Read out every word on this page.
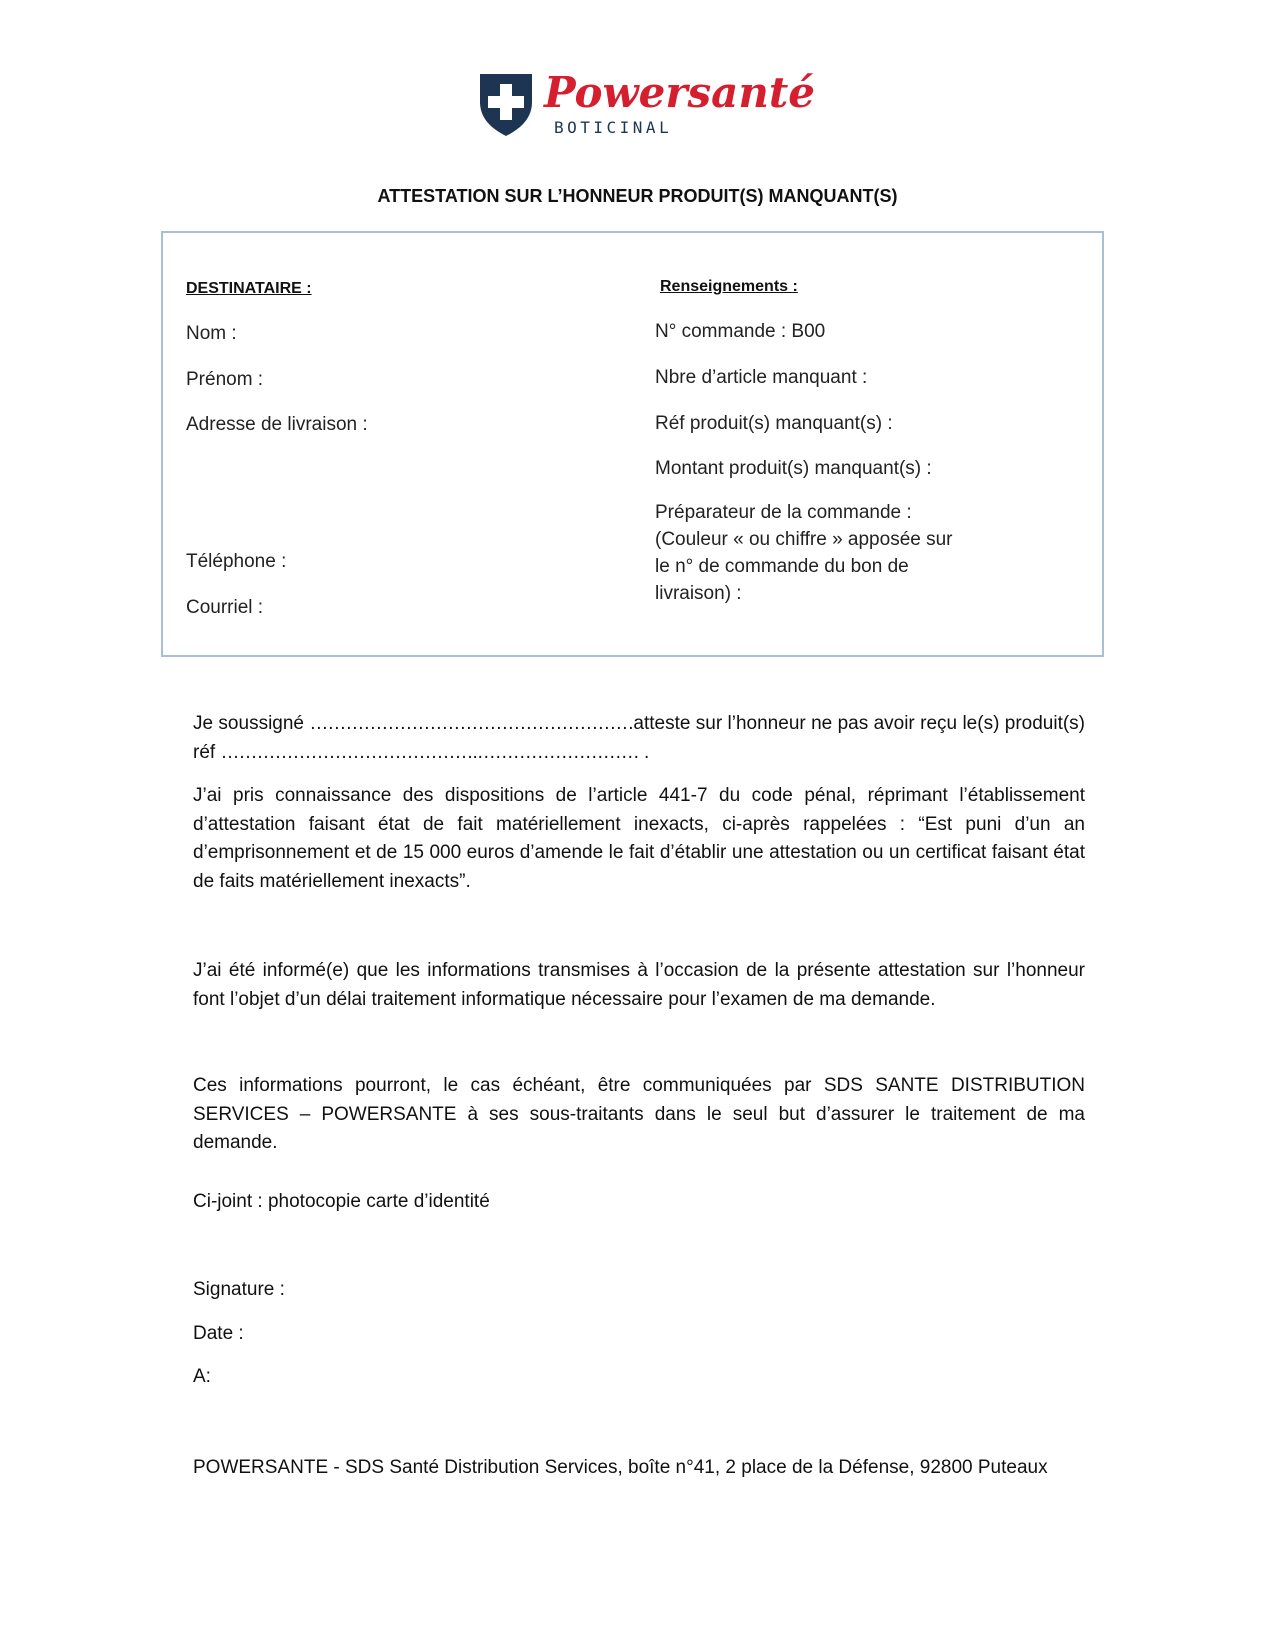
Powersanté
BOTICINAL
ATTESTATION SUR L’HONNEUR PRODUIT(S) MANQUANT(S)
DESTINATAIRE :	Renseignements :
Nom :
Prénom :
Adresse de livraison :
Téléphone :
Courriel :
N° commande : B00
Nbre d’article manquant :
Réf produit(s) manquant(s) :
Montant produit(s) manquant(s) :
Préparateur de la commande :
(Couleur « ou chiffre » apposée sur
le n° de commande du bon de
livraison) :
Je soussigné ………………………………………………atteste sur l’honneur ne pas avoir reçu le(s) produit(s) réf …………………………………….……………………… .
J’ai pris connaissance des dispositions de l’article 441-7 du code pénal, réprimant l’établissement d’attestation faisant état de fait matériellement inexacts, ci-après rappelées : “Est puni d’un an d’emprisonnement et de 15 000 euros d’amende le fait d’établir une attestation ou un certificat faisant état de faits matériellement inexacts”.
J’ai été informé(e) que les informations transmises à l’occasion de la présente attestation sur l’honneur font l’objet d’un délai traitement informatique nécessaire pour l’examen de ma demande.
Ces informations pourront, le cas échéant, être communiquées par SDS SANTE DISTRIBUTION SERVICES – POWERSANTE à ses sous-traitants dans le seul but d’assurer le traitement de ma demande.
Ci-joint : photocopie carte d’identité
Signature :
Date :
A:
POWERSANTE - SDS Santé Distribution Services, boîte n°41, 2 place de la Défense, 92800 Puteaux
